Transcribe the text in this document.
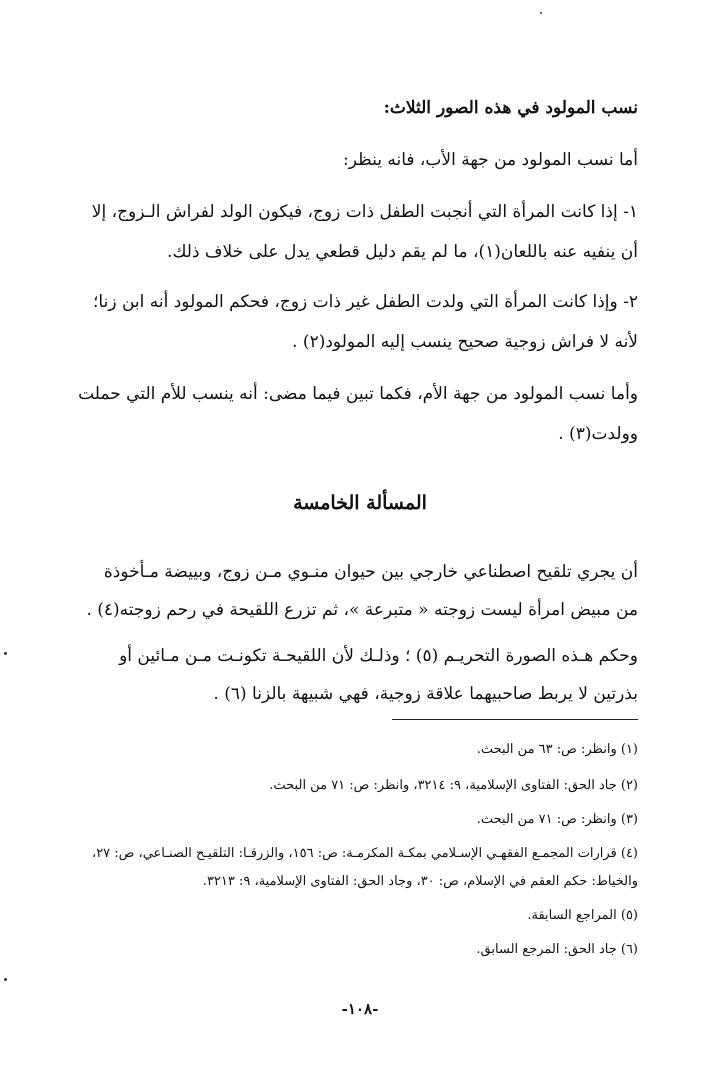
نسب المولود في هذه الصور الثلاث:
أما نسب المولود من جهة الأب، فانه ينظر:
١- إذا كانت المرأة التي أنجبت الطفل ذات زوج، فيكون الولد لفراش الـزوج، إلا
أن ينفيه عنه باللعان(١)، ما لم يقم دليل قطعي يدل على خلاف ذلك.
٢- وإذا كانت المرأة التي ولدت الطفل غير ذات زوج، فحكم المولود أنه ابن زنا؛
لأنه لا فراش زوجية صحيح ينسب إليه المولود(٢) .
وأما نسب المولود من جهة الأم، فكما تبين فيما مضى: أنه ينسب للأم التي حملت
وولدت(٣) .
المسألة الخامسة
أن يجري تلقيح اصطناعي خارجي بين حيوان منـوي مـن زوج، وبييضة مـأخوذة
من مبيض امرأة ليست زوجته « متبرعة »، ثم تزرع اللقيحة في رحم زوجته(٤) .
وحكم هـذه الصورة التحريـم (٥) ؛ وذلـك لأن اللقيحـة تكونـت مـن مـائين أو
بذرتين لا يربط صاحبيهما علاقة زوجية، فهي شبيهة بالزنا (٦) .
(١) وانظر: ص: ٦٣ من البحث.
(٢) جاد الحق: الفتاوى الإسلامية، ٩: ٣٢١٤، وانظر: ص: ٧١ من البحث.
(٣) وانظر: ص: ٧١ من البحث.
(٤) قرارات المجمـع الفقهـي الإسـلامي بمكـة المكرمـة: ص: ١٥٦، والزرقـا: التلقيـح الصنـاعي، ص: ٢٧،
والخياط: حكم العقم في الإسلام، ص: ٣٠، وجاد الحق: الفتاوى الإسلامية، ٩: ٣٢١٣.
(٥) المراجع السابقة.
(٦) جاد الحق: المرجع السابق.
-١٠٨-
